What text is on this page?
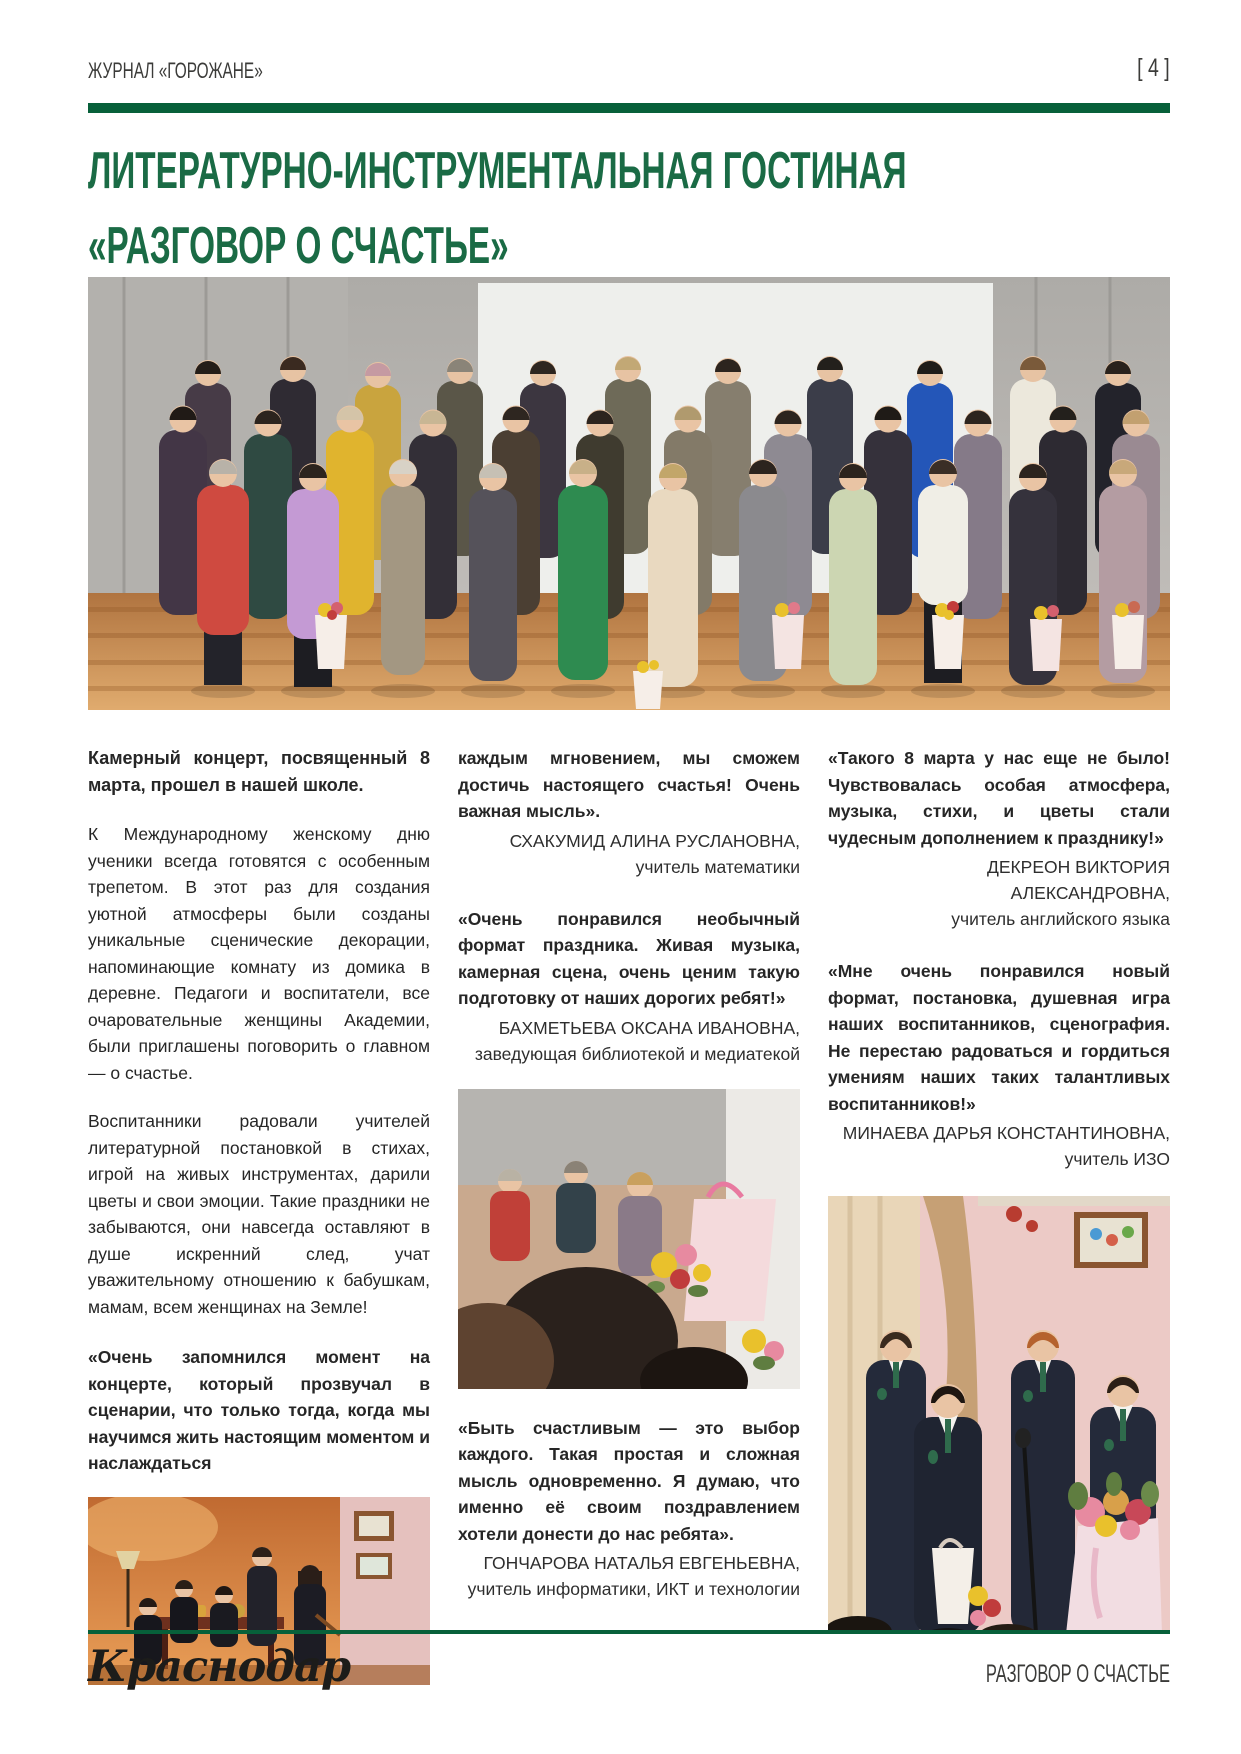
ЖУРНАЛ «ГОРОЖАНЕ»	[ 4 ]
ЛИТЕРАТУРНО-ИНСТРУМЕНТАЛЬНАЯ ГОСТИНАЯ
«РАЗГОВОР О СЧАСТЬЕ»
Камерный концерт, посвященный 8 марта, прошел в нашей школе.
К Международному женскому дню ученики всегда готовятся с особенным трепетом. В этот раз для создания уютной атмосферы были созданы уникальные сценические декорации, напоминающие комнату из домика в деревне. Педагоги и воспитатели, все очаровательные женщины Академии, были приглашены поговорить о главном — о счастье.
Воспитанники радовали учителей литературной постановкой в стихах, игрой на живых инструментах, дарили цветы и свои эмоции. Такие праздники не забываются, они навсегда оставляют в душе искренний след, учат уважительному отношению к бабушкам, мамам, всем женщинах на Земле!
«Очень запомнился момент на концерте, который прозвучал в сценарии, что только тогда, когда мы научимся жить настоящим моментом и наслаждаться
каждым мгновением, мы сможем достичь настоящего счастья! Очень важная мысль».
СХАКУМИД АЛИНА РУСЛАНОВНА,
учитель математики
«Очень понравился необычный формат праздника. Живая музыка, камерная сцена, очень ценим такую подготовку от наших дорогих ребят!»
БАХМЕТЬЕВА ОКСАНА ИВАНОВНА,
заведующая библиотекой и медиатекой
«Быть счастливым — это выбор каждого. Такая простая и сложная мысль одновременно. Я думаю, что именно её своим поздравлением хотели донести до нас ребята».
ГОНЧАРОВА НАТАЛЬЯ ЕВГЕНЬЕВНА,
учитель информатики, ИКТ и технологии
«Такого 8 марта у нас еще не было! Чувствовалась особая атмосфера, музыка, стихи, и цветы стали чудесным дополнением к празднику!»
ДЕКРЕОН ВИКТОРИЯ АЛЕКСАНДРОВНА,
учитель английского языка
«Мне очень понравился новый формат, постановка, душевная игра наших воспитанников, сценография. Не перестаю радоваться и гордиться умениям наших таких талантливых воспитанников!»
МИНАЕВА ДАРЬЯ КОНСТАНТИНОВНА,
учитель ИЗО
Краснодар	РАЗГОВОР О СЧАСТЬЕ
